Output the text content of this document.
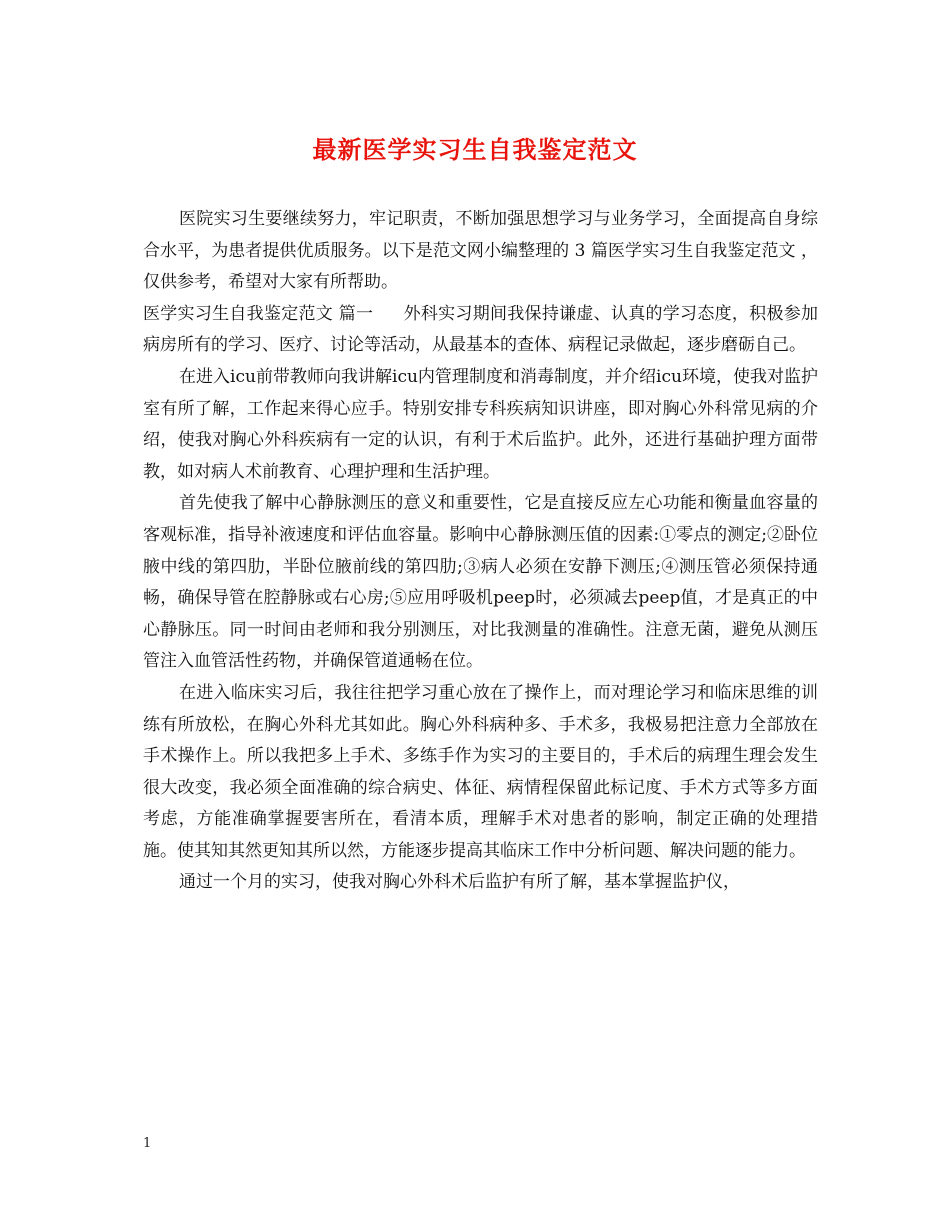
最新医学实习生自我鉴定范文

医院实习生要继续努力，牢记职责，不断加强思想学习与业务学习，全面提高自身综合水平，为患者提供优质服务。以下是范文网小编整理的 3 篇医学实习生自我鉴定范文 ，仅供参考，希望对大家有所帮助。

医学实习生自我鉴定范文 篇一 外科实习期间我保持谦虚、认真的学习态度，积极参加病房所有的学习、医疗、讨论等活动，从最基本的查体、病程记录做起，逐步磨砺自己。

在进入icu前带教师向我讲解icu内管理制度和消毒制度，并介绍icu环境，使我对监护室有所了解，工作起来得心应手。特别安排专科疾病知识讲座，即对胸心外科常见病的介绍，使我对胸心外科疾病有一定的认识，有利于术后监护。此外，还进行基础护理方面带教，如对病人术前教育、心理护理和生活护理。

首先使我了解中心静脉测压的意义和重要性，它是直接反应左心功能和衡量血容量的客观标准，指导补液速度和评估血容量。影响中心静脉测压值的因素:①零点的测定;②卧位腋中线的第四肋，半卧位腋前线的第四肋;③病人必须在安静下测压;④测压管必须保持通畅，确保导管在腔静脉或右心房;⑤应用呼吸机peep时，必须减去peep值，才是真正的中心静脉压。同一时间由老师和我分别测压，对比我测量的准确性。注意无菌，避免从测压管注入血管活性药物，并确保管道通畅在位。

在进入临床实习后，我往往把学习重心放在了操作上，而对理论学习和临床思维的训练有所放松，在胸心外科尤其如此。胸心外科病种多、手术多，我极易把注意力全部放在手术操作上。所以我把多上手术、多练手作为实习的主要目的，手术后的病理生理会发生很大改变，我必须全面准确的综合病史、体征、病情程保留此标记度、手术方式等多方面考虑，方能准确掌握要害所在，看清本质，理解手术对患者的影响，制定正确的处理措施。使其知其然更知其所以然，方能逐步提高其临床工作中分析问题、解决问题的能力。

通过一个月的实习，使我对胸心外科术后监护有所了解，基本掌握监护仪，

1
